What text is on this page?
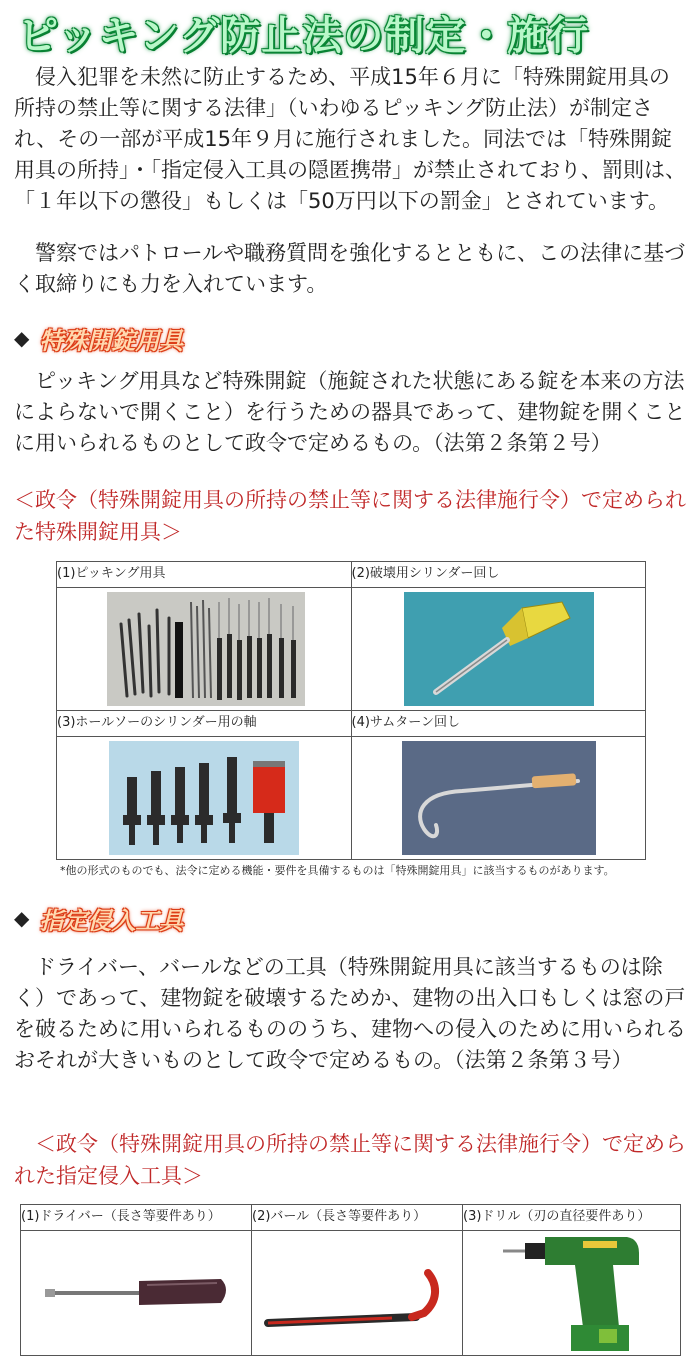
ピッキング防止法の制定・施行

　侵入犯罪を未然に防止するため、平成15年６月に「特殊開錠用具の所持の禁止等に関する法律」（いわゆるピッキング防止法）が制定され、その一部が平成15年９月に施行されました。同法では「特殊開錠用具の所持」・「指定侵入工具の隠匿携帯」が禁止されており、罰則は、「１年以下の懲役」もしくは「50万円以下の罰金」とされています。

　警察ではパトロールや職務質問を強化するとともに、この法律に基づく取締りにも力を入れています。

◆ 特殊開錠用具

　ピッキング用具など特殊開錠（施錠された状態にある錠を本来の方法によらないで開くこと）を行うための器具であって、建物錠を開くことに用いられるものとして政令で定めるもの。（法第２条第２号）

＜政令（特殊開錠用具の所持の禁止等に関する法律施行令）で定められた特殊開錠用具＞

(1)ピッキング用具	(2)破壊用シリンダー回し

(3)ホールソーのシリンダー用の軸	(4)サムターン回し

*他の形式のものでも、法令に定める機能・要件を具備するものは「特殊開錠用具」に該当するものがあります。

◆ 指定侵入工具

　ドライバー、バールなどの工具（特殊開錠用具に該当するものは除く）であって、建物錠を破壊するためか、建物の出入口もしくは窓の戸を破るために用いられるもののうち、建物への侵入のために用いられるおそれが大きいものとして政令で定めるもの。（法第２条第３号）

　＜政令（特殊開錠用具の所持の禁止等に関する法律施行令）で定められた指定侵入工具＞

(1)ドライバー（長さ等要件あり）	(2)バール（長さ等要件あり）	(3)ドリル（刃の直径要件あり）
